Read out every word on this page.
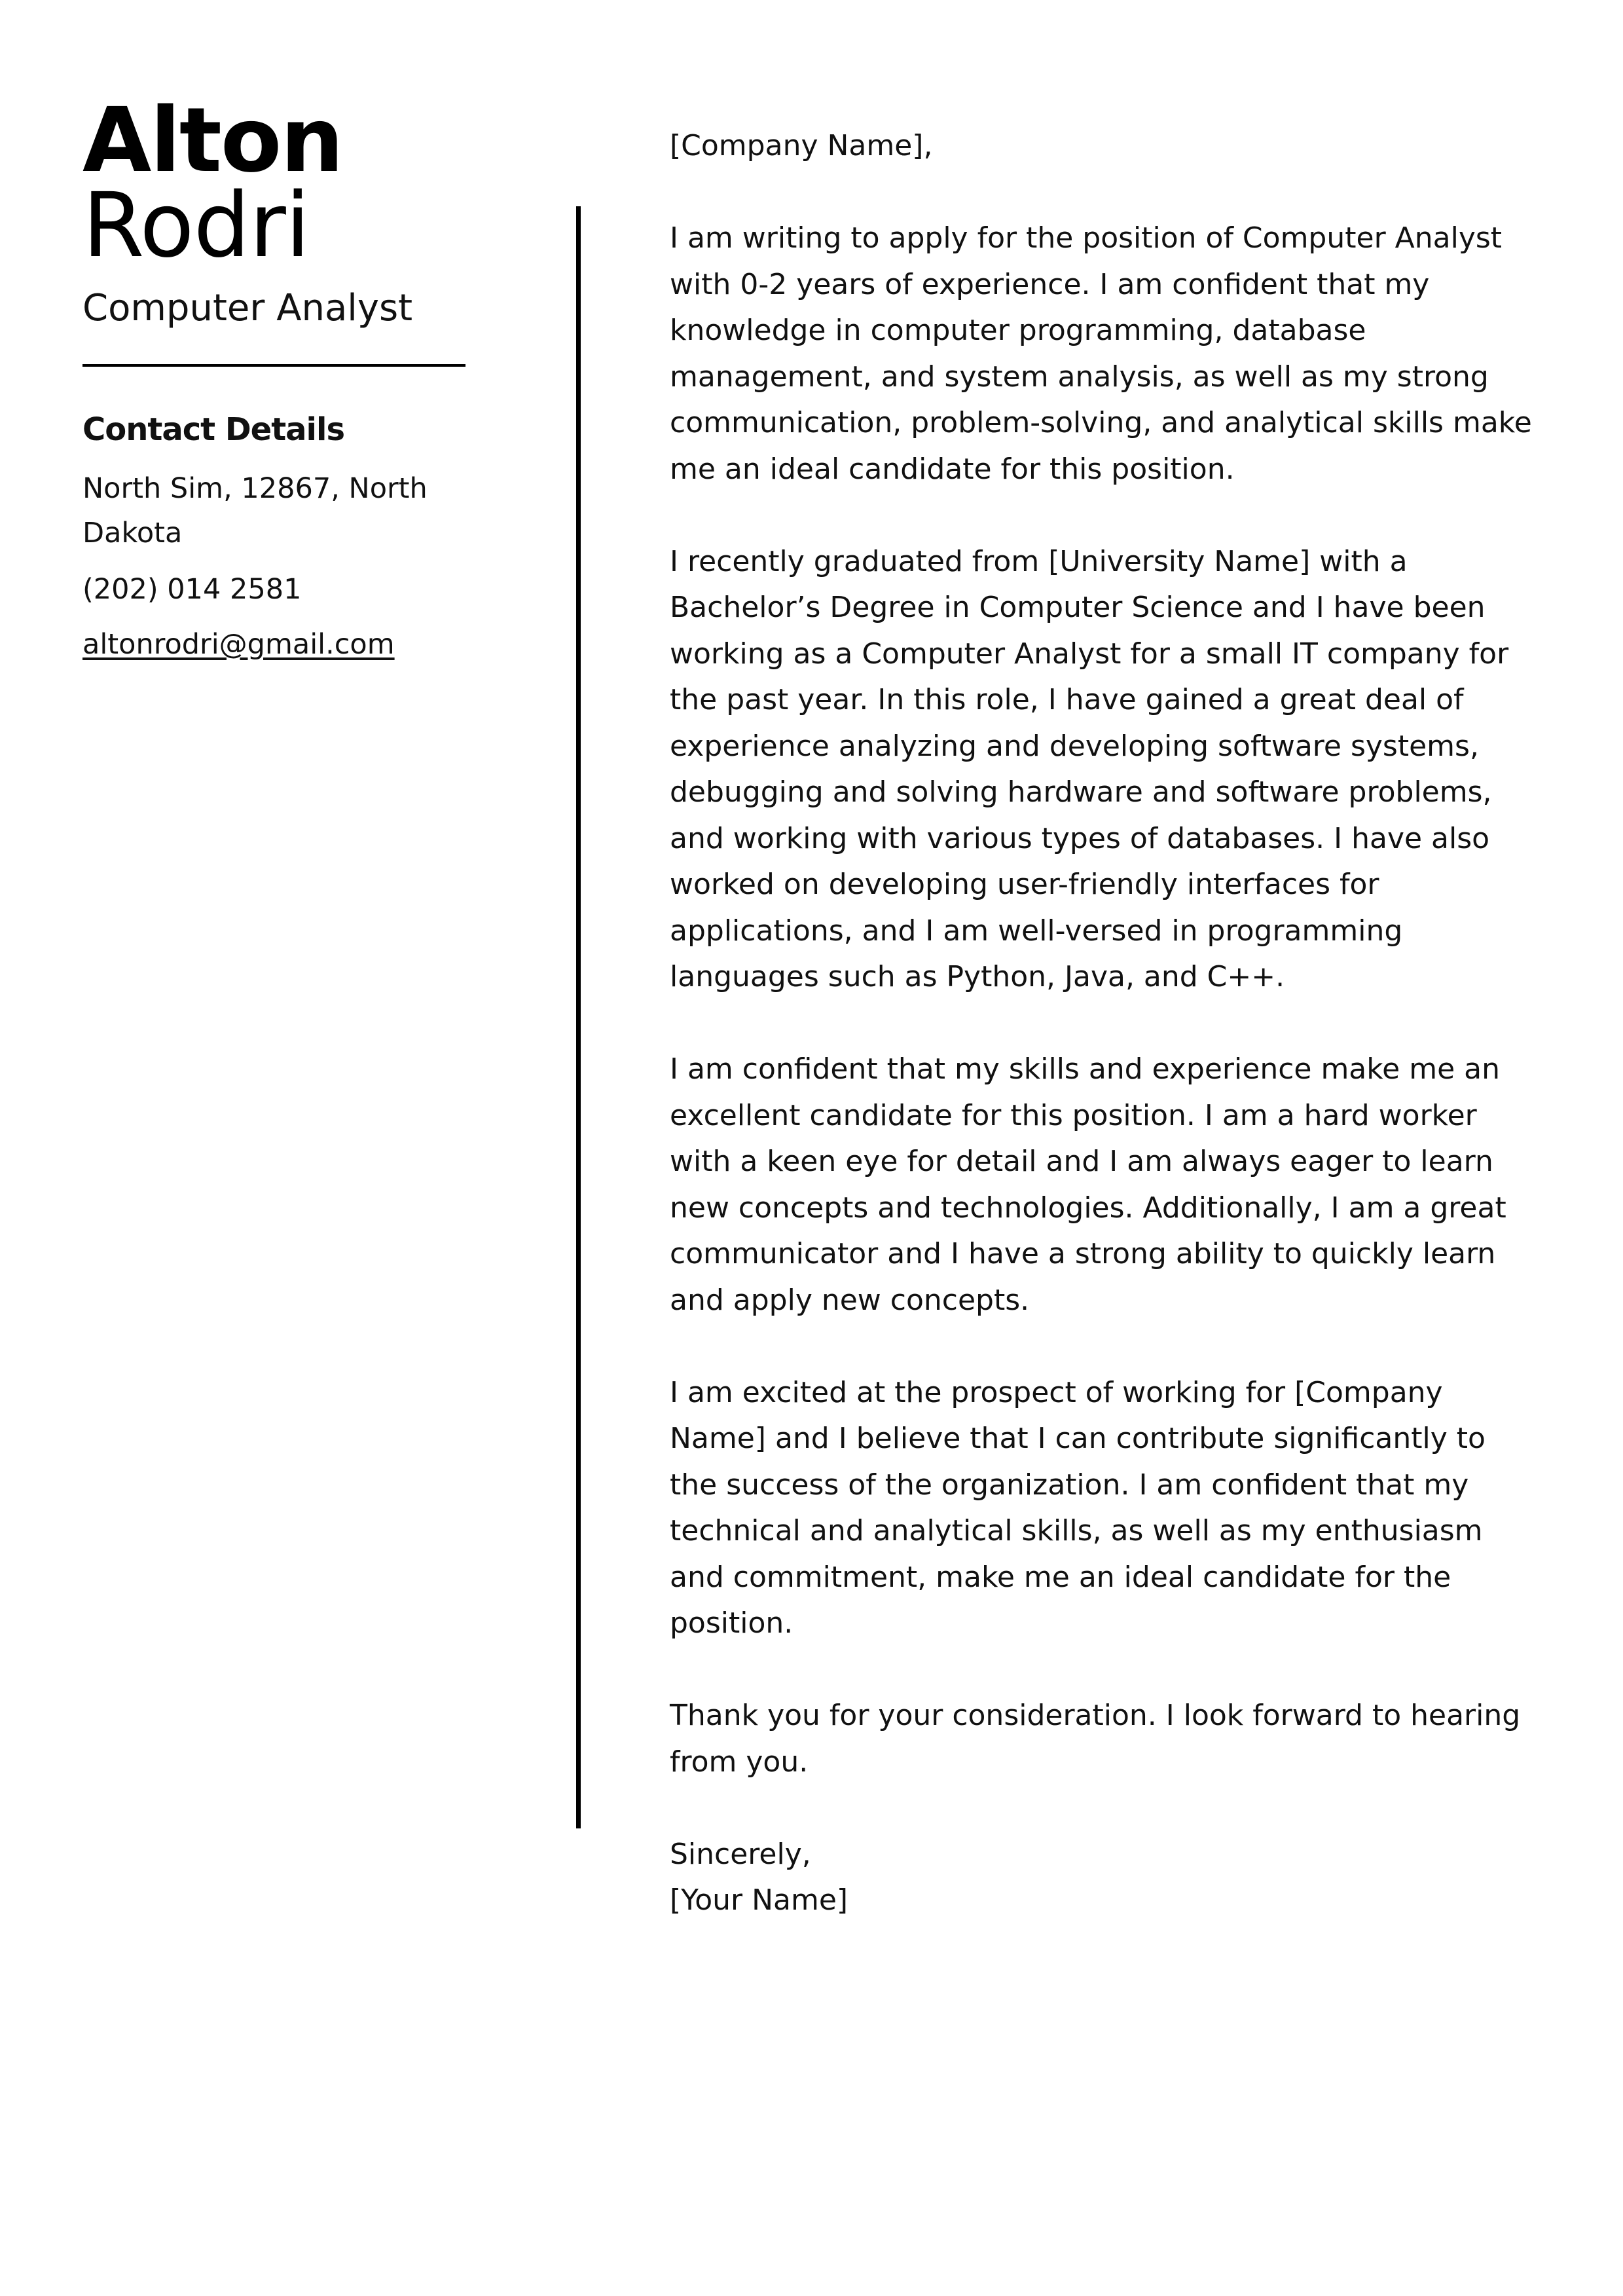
Alton
Rodri
Computer Analyst
Contact Details
North Sim, 12867, North Dakota
(202) 014 2581
altonrodri@gmail.com

[Company Name],

I am writing to apply for the position of Computer Analyst with 0-2 years of experience. I am confident that my knowledge in computer programming, database management, and system analysis, as well as my strong communication, problem-solving, and analytical skills make me an ideal candidate for this position.

I recently graduated from [University Name] with a Bachelor’s Degree in Computer Science and I have been working as a Computer Analyst for a small IT company for the past year. In this role, I have gained a great deal of experience analyzing and developing software systems, debugging and solving hardware and software problems, and working with various types of databases. I have also worked on developing user-friendly interfaces for applications, and I am well-versed in programming languages such as Python, Java, and C++.

I am confident that my skills and experience make me an excellent candidate for this position. I am a hard worker with a keen eye for detail and I am always eager to learn new concepts and technologies. Additionally, I am a great communicator and I have a strong ability to quickly learn and apply new concepts.

I am excited at the prospect of working for [Company Name] and I believe that I can contribute significantly to the success of the organization. I am confident that my technical and analytical skills, as well as my enthusiasm and commitment, make me an ideal candidate for the position.

Thank you for your consideration. I look forward to hearing from you.

Sincerely,
[Your Name]
